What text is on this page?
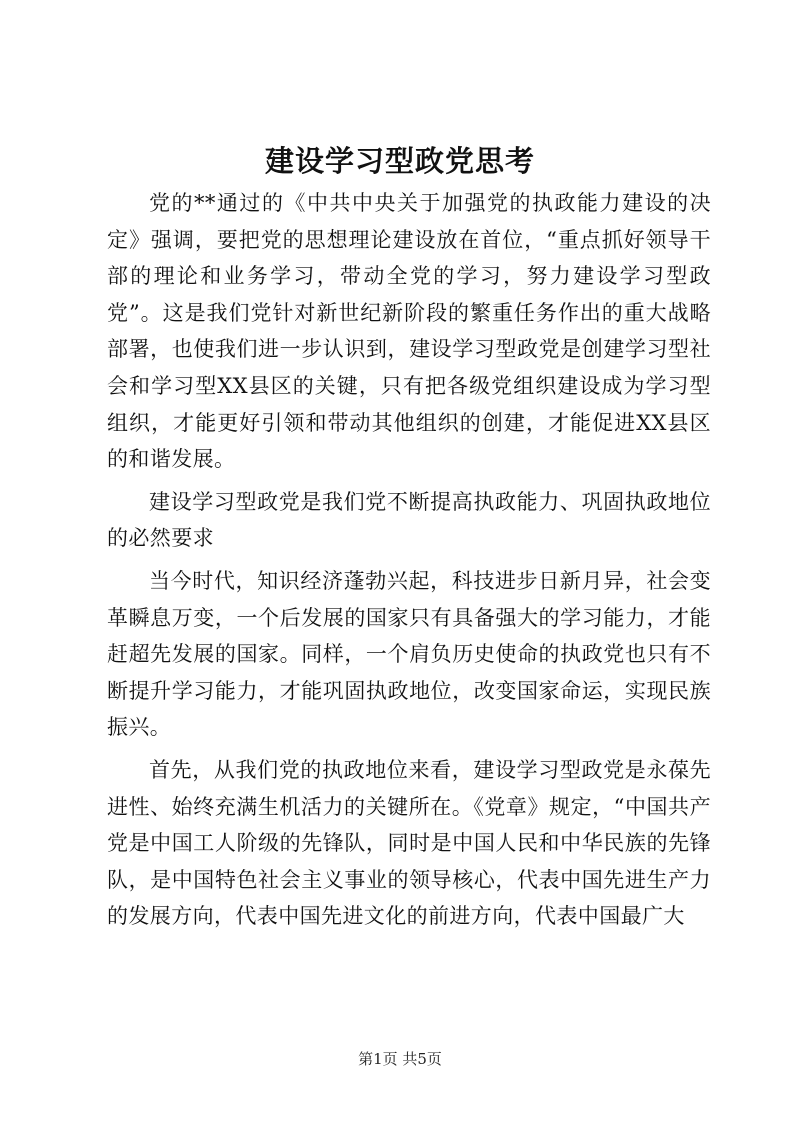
建设学习型政党思考

党的**通过的《中共中央关于加强党的执政能力建设的决定》强调，要把党的思想理论建设放在首位，“重点抓好领导干部的理论和业务学习，带动全党的学习，努力建设学习型政党”。这是我们党针对新世纪新阶段的繁重任务作出的重大战略部署，也使我们进一步认识到，建设学习型政党是创建学习型社会和学习型XX县区的关键，只有把各级党组织建设成为学习型组织，才能更好引领和带动其他组织的创建，才能促进XX县区的和谐发展。

建设学习型政党是我们党不断提高执政能力、巩固执政地位的必然要求

当今时代，知识经济蓬勃兴起，科技进步日新月异，社会变革瞬息万变，一个后发展的国家只有具备强大的学习能力，才能赶超先发展的国家。同样，一个肩负历史使命的执政党也只有不断提升学习能力，才能巩固执政地位，改变国家命运，实现民族振兴。

首先，从我们党的执政地位来看，建设学习型政党是永葆先进性、始终充满生机活力的关键所在。《党章》规定，“中国共产党是中国工人阶级的先锋队，同时是中国人民和中华民族的先锋队，是中国特色社会主义事业的领导核心，代表中国先进生产力的发展方向，代表中国先进文化的前进方向，代表中国最广大

第1页 共5页
